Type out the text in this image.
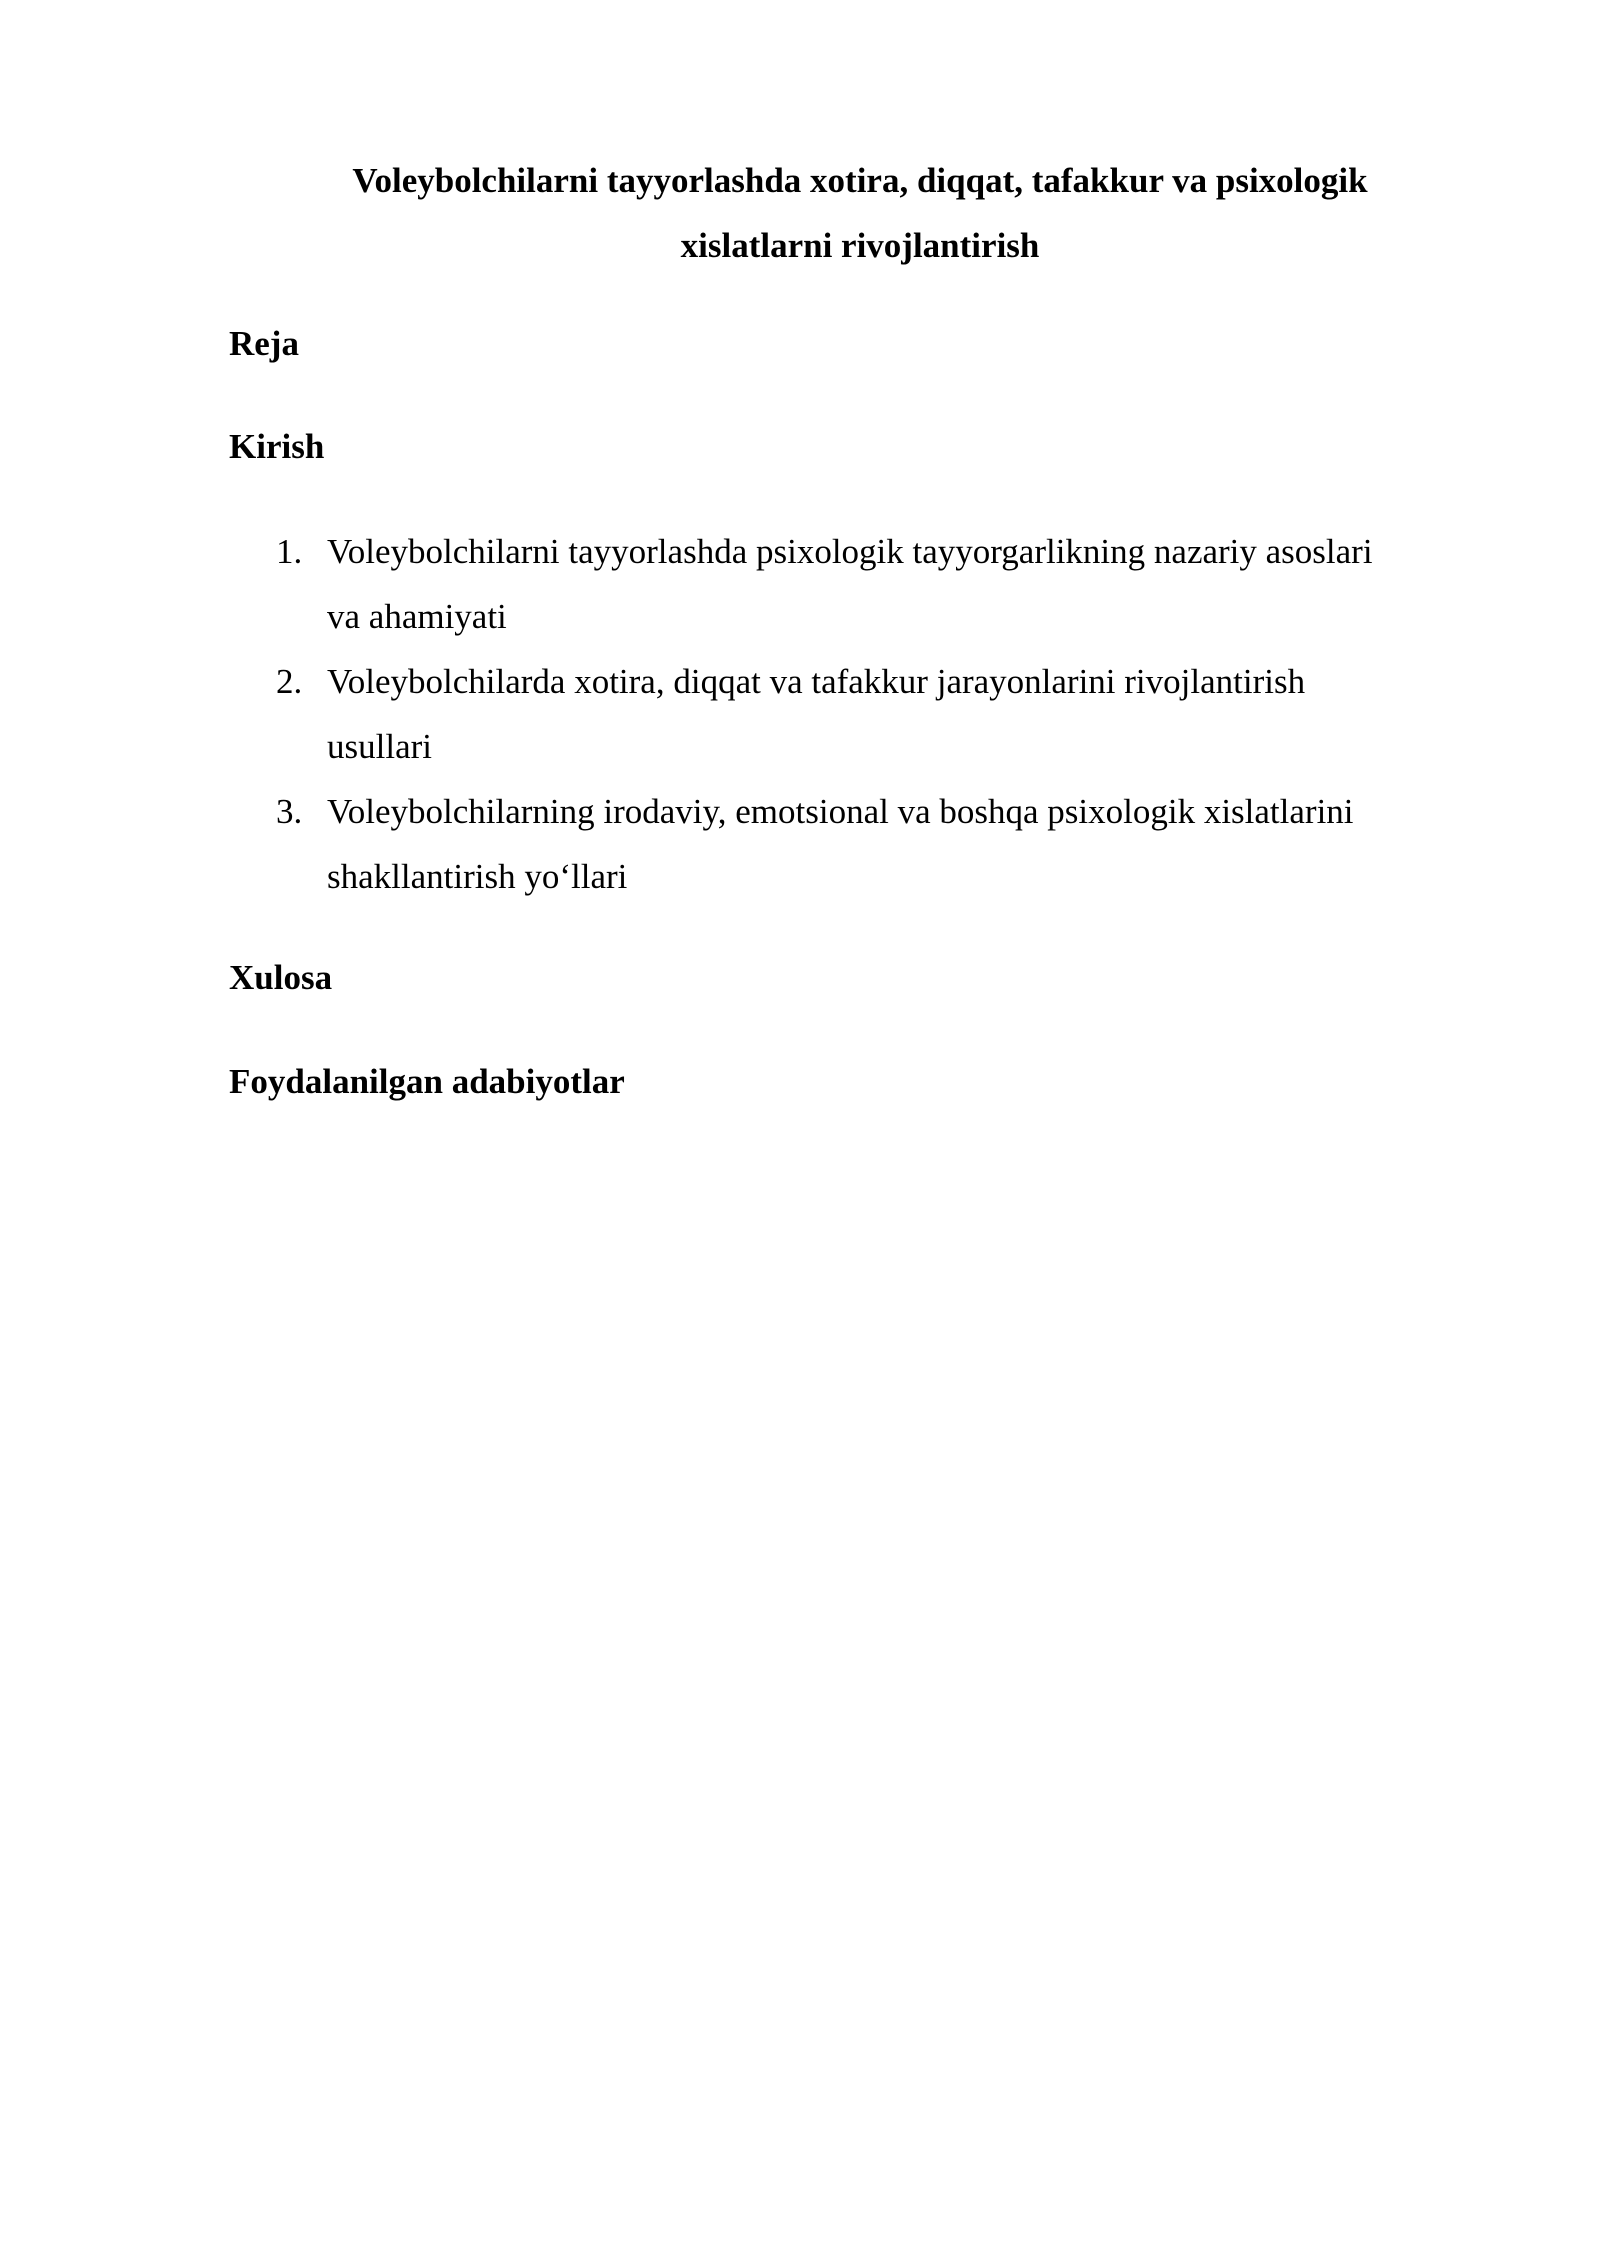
Voleybolchilarni tayyorlashda xotira, diqqat, tafakkur va psixologik
xislatlarni rivojlantirish
Reja
Kirish
1. Voleybolchilarni tayyorlashda psixologik tayyorgarlikning nazariy asoslari
va ahamiyati
2. Voleybolchilarda xotira, diqqat va tafakkur jarayonlarini rivojlantirish
usullari
3. Voleybolchilarning irodaviy, emotsional va boshqa psixologik xislatlarini
shakllantirish yo‘llari
Xulosa
Foydalanilgan adabiyotlar
